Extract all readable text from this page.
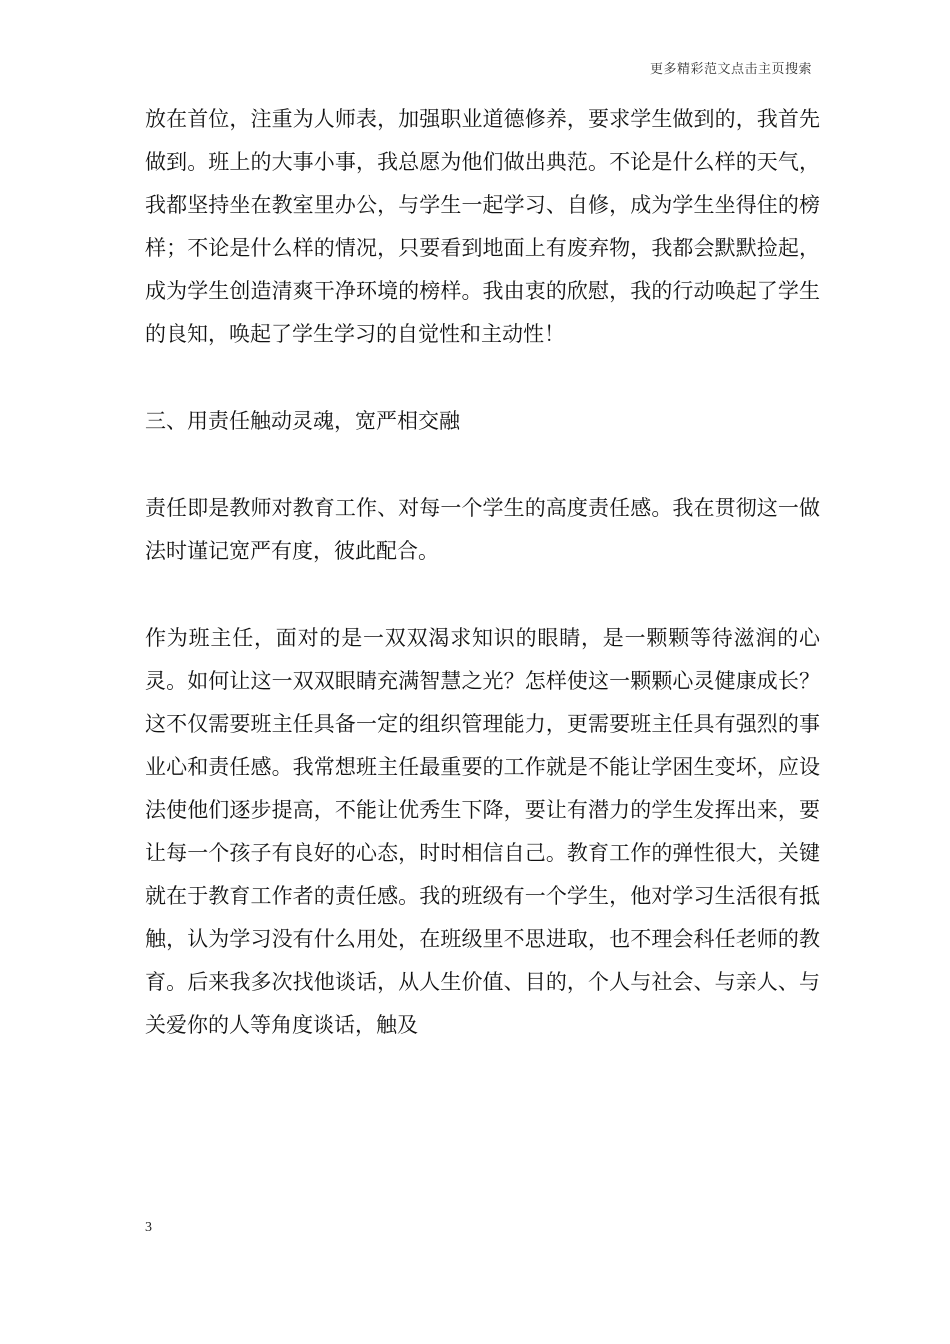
更多精彩范文点击主页搜索

放在首位，注重为人师表，加强职业道德修养，要求学生做到的，我首先做到。班上的大事小事，我总愿为他们做出典范。不论是什么样的天气，我都坚持坐在教室里办公，与学生一起学习、自修，成为学生坐得住的榜样；不论是什么样的情况，只要看到地面上有废弃物，我都会默默捡起，成为学生创造清爽干净环境的榜样。我由衷的欣慰，我的行动唤起了学生的良知，唤起了学生学习的自觉性和主动性！

三、用责任触动灵魂，宽严相交融

责任即是教师对教育工作、对每一个学生的高度责任感。我在贯彻这一做法时谨记宽严有度，彼此配合。

作为班主任，面对的是一双双渴求知识的眼睛，是一颗颗等待滋润的心灵。如何让这一双双眼睛充满智慧之光？怎样使这一颗颗心灵健康成长？这不仅需要班主任具备一定的组织管理能力，更需要班主任具有强烈的事业心和责任感。我常想班主任最重要的工作就是不能让学困生变坏，应设法使他们逐步提高，不能让优秀生下降，要让有潜力的学生发挥出来，要让每一个孩子有良好的心态，时时相信自己。教育工作的弹性很大，关键就在于教育工作者的责任感。我的班级有一个学生，他对学习生活很有抵触，认为学习没有什么用处，在班级里不思进取，也不理会科任老师的教育。后来我多次找他谈话，从人生价值、目的，个人与社会、与亲人、与关爱你的人等角度谈话，触及

3
